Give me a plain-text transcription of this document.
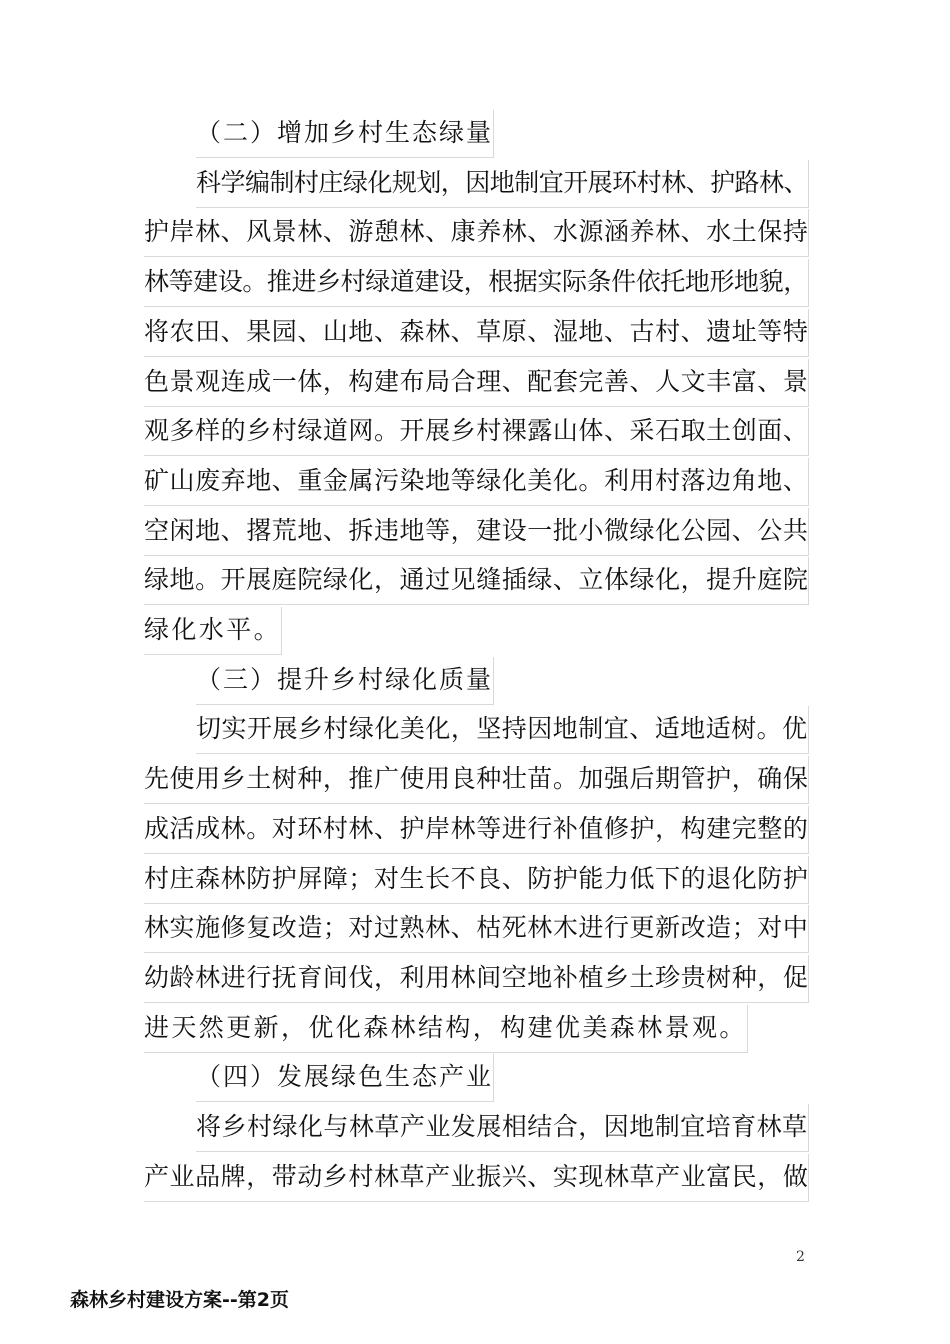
（二）增加乡村生态绿量
科学编制村庄绿化规划，因地制宜开展环村林、护路林、
护岸林、风景林、游憩林、康养林、水源涵养林、水土保持
林等建设。推进乡村绿道建设，根据实际条件依托地形地貌，
将农田、果园、山地、森林、草原、湿地、古村、遗址等特
色景观连成一体，构建布局合理、配套完善、人文丰富、景
观多样的乡村绿道网。开展乡村裸露山体、采石取土创面、
矿山废弃地、重金属污染地等绿化美化。利用村落边角地、
空闲地、撂荒地、拆违地等，建设一批小微绿化公园、公共
绿地。开展庭院绿化，通过见缝插绿、立体绿化，提升庭院
绿化水平。
（三）提升乡村绿化质量
切实开展乡村绿化美化，坚持因地制宜、适地适树。优
先使用乡土树种，推广使用良种壮苗。加强后期管护，确保
成活成林。对环村林、护岸林等进行补值修护，构建完整的
村庄森林防护屏障；对生长不良、防护能力低下的退化防护
林实施修复改造；对过熟林、枯死林木进行更新改造；对中
幼龄林进行抚育间伐，利用林间空地补植乡土珍贵树种，促
进天然更新，优化森林结构，构建优美森林景观。
（四）发展绿色生态产业
将乡村绿化与林草产业发展相结合，因地制宜培育林草
产业品牌，带动乡村林草产业振兴、实现林草产业富民，做
2
森林乡村建设方案--第2页
